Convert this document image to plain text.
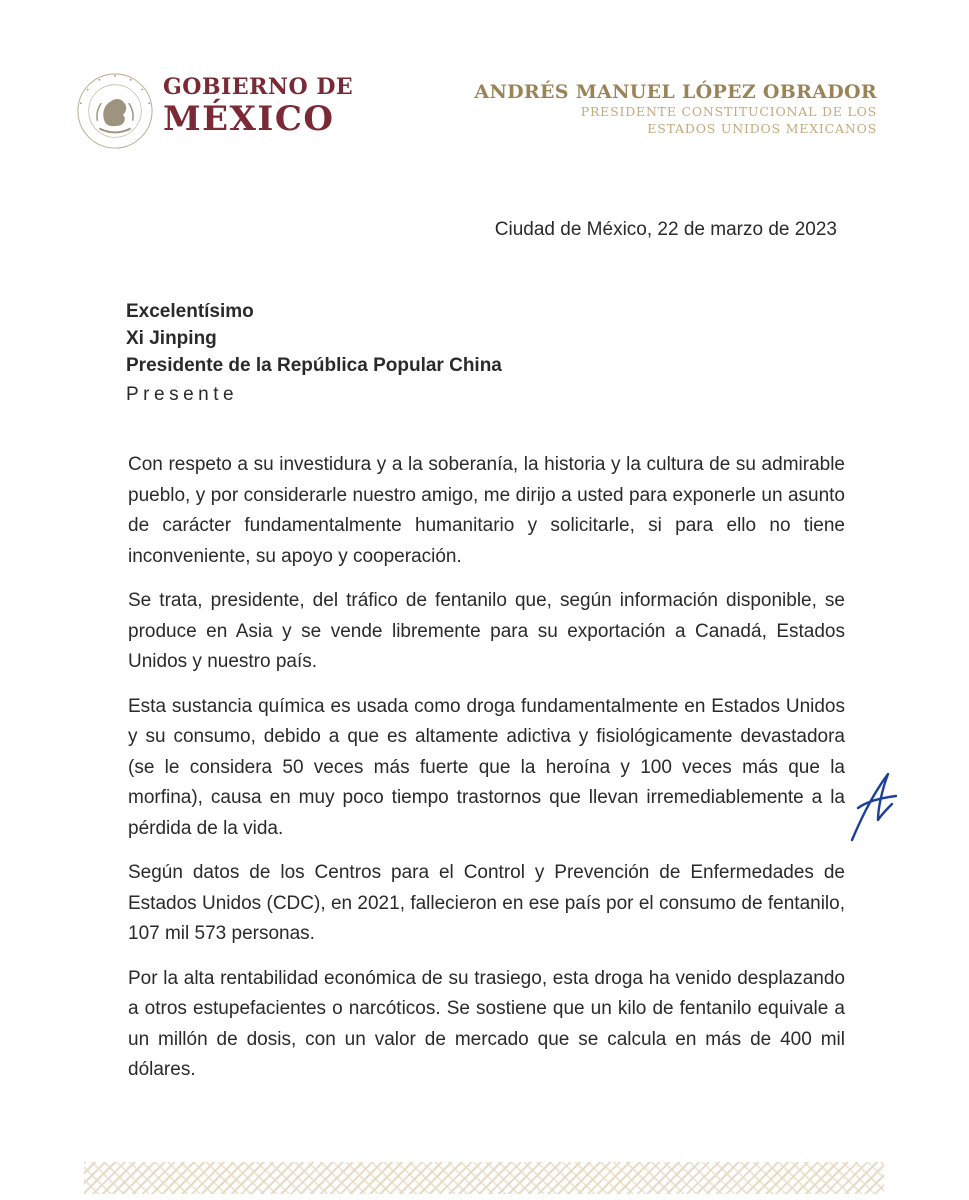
GOBIERNO DE
MÉXICO
ANDRÉS MANUEL LÓPEZ OBRADOR
PRESIDENTE CONSTITUCIONAL DE LOS
ESTADOS UNIDOS MEXICANOS
Ciudad de México, 22 de marzo de 2023
Excelentísimo
Xi Jinping
Presidente de la República Popular China
Presente

Con respeto a su investidura y a la soberanía, la historia y la cultura de su admirable pueblo, y por considerarle nuestro amigo, me dirijo a usted para exponerle un asunto de carácter fundamentalmente humanitario y solicitarle, si para ello no tiene inconveniente, su apoyo y cooperación.

Se trata, presidente, del tráfico de fentanilo que, según información disponible, se produce en Asia y se vende libremente para su exportación a Canadá, Estados Unidos y nuestro país.

Esta sustancia química es usada como droga fundamentalmente en Estados Unidos y su consumo, debido a que es altamente adictiva y fisiológicamente devastadora (se le considera 50 veces más fuerte que la heroína y 100 veces más que la morfina), causa en muy poco tiempo trastornos que llevan irremediablemente a la pérdida de la vida.

Según datos de los Centros para el Control y Prevención de Enfermedades de Estados Unidos (CDC), en 2021, fallecieron en ese país por el consumo de fentanilo, 107 mil 573 personas.

Por la alta rentabilidad económica de su trasiego, esta droga ha venido desplazando a otros estupefacientes o narcóticos. Se sostiene que un kilo de fentanilo equivale a un millón de dosis, con un valor de mercado que se calcula en más de 400 mil dólares.
